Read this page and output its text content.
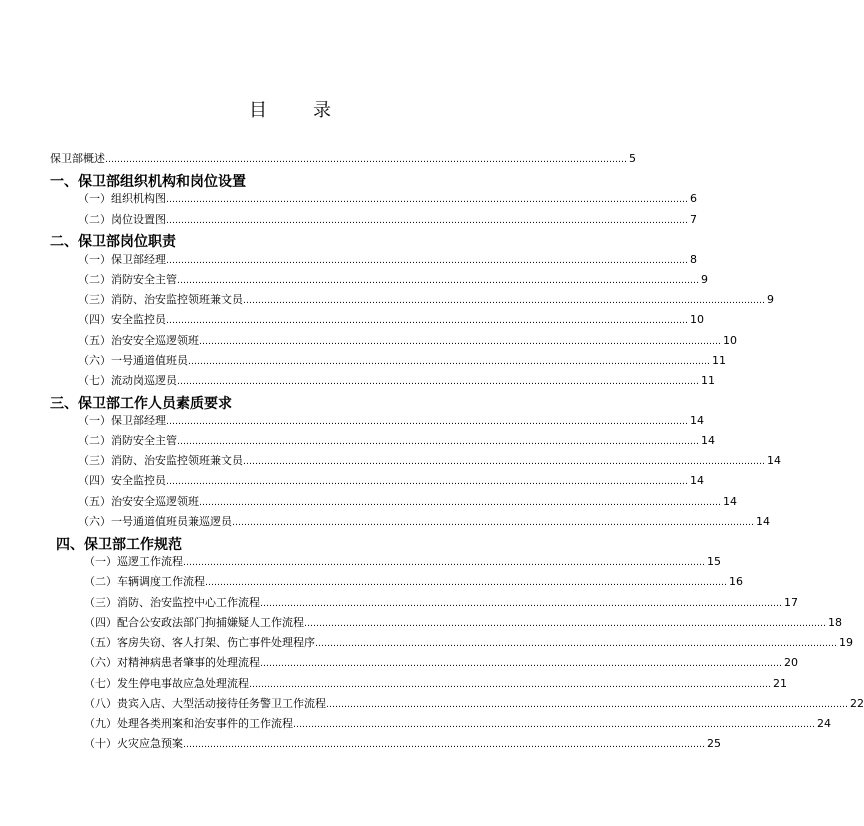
目	录
保卫部概述 ………………………………………………………………………………………………………………………………………………………… 5
一、保卫部组织机构和岗位设置
（一）组织机构图 ………………………………………………………………………………………………………………………………………………………… 6
（二）岗位设置图 ………………………………………………………………………………………………………………………………………………………… 7
二、保卫部岗位职责
（一）保卫部经理 ………………………………………………………………………………………………………………………………………………………… 8
（二）消防安全主管 ………………………………………………………………………………………………………………………………………………………… 9
（三）消防、治安监控领班兼文员 ………………………………………………………………………………………………………………………………………………………… 9
（四）安全监控员 ………………………………………………………………………………………………………………………………………………………… 10
（五）治安安全巡逻领班 ………………………………………………………………………………………………………………………………………………………… 10
（六）一号通道值班员 ………………………………………………………………………………………………………………………………………………………… 11
（七）流动岗巡逻员 ………………………………………………………………………………………………………………………………………………………… 11
三、保卫部工作人员素质要求
（一）保卫部经理 ………………………………………………………………………………………………………………………………………………………… 14
（二）消防安全主管 ………………………………………………………………………………………………………………………………………………………… 14
（三）消防、治安监控领班兼文员 ………………………………………………………………………………………………………………………………………………………… 14
（四）安全监控员 ………………………………………………………………………………………………………………………………………………………… 14
（五）治安安全巡逻领班 ………………………………………………………………………………………………………………………………………………………… 14
（六）一号通道值班员兼巡逻员 ………………………………………………………………………………………………………………………………………………………… 14
四、保卫部工作规范
（一）巡逻工作流程 ………………………………………………………………………………………………………………………………………………………… 15
（二）车辆调度工作流程 ………………………………………………………………………………………………………………………………………………………… 16
（三）消防、治安监控中心工作流程 ………………………………………………………………………………………………………………………………………………………… 17
（四）配合公安政法部门拘捕嫌疑人工作流程 ………………………………………………………………………………………………………………………………………………………… 18
（五）客房失窃、客人打架、伤亡事件处理程序 ………………………………………………………………………………………………………………………………………………………… 19
（六）对精神病患者肇事的处理流程 ………………………………………………………………………………………………………………………………………………………… 20
（七）发生停电事故应急处理流程 ………………………………………………………………………………………………………………………………………………………… 21
（八）贵宾入店、大型活动接待任务警卫工作流程 ………………………………………………………………………………………………………………………………………………………… 22
（九）处理各类刑案和治安事件的工作流程 ………………………………………………………………………………………………………………………………………………………… 24
（十）火灾应急预案 ………………………………………………………………………………………………………………………………………………………… 25
